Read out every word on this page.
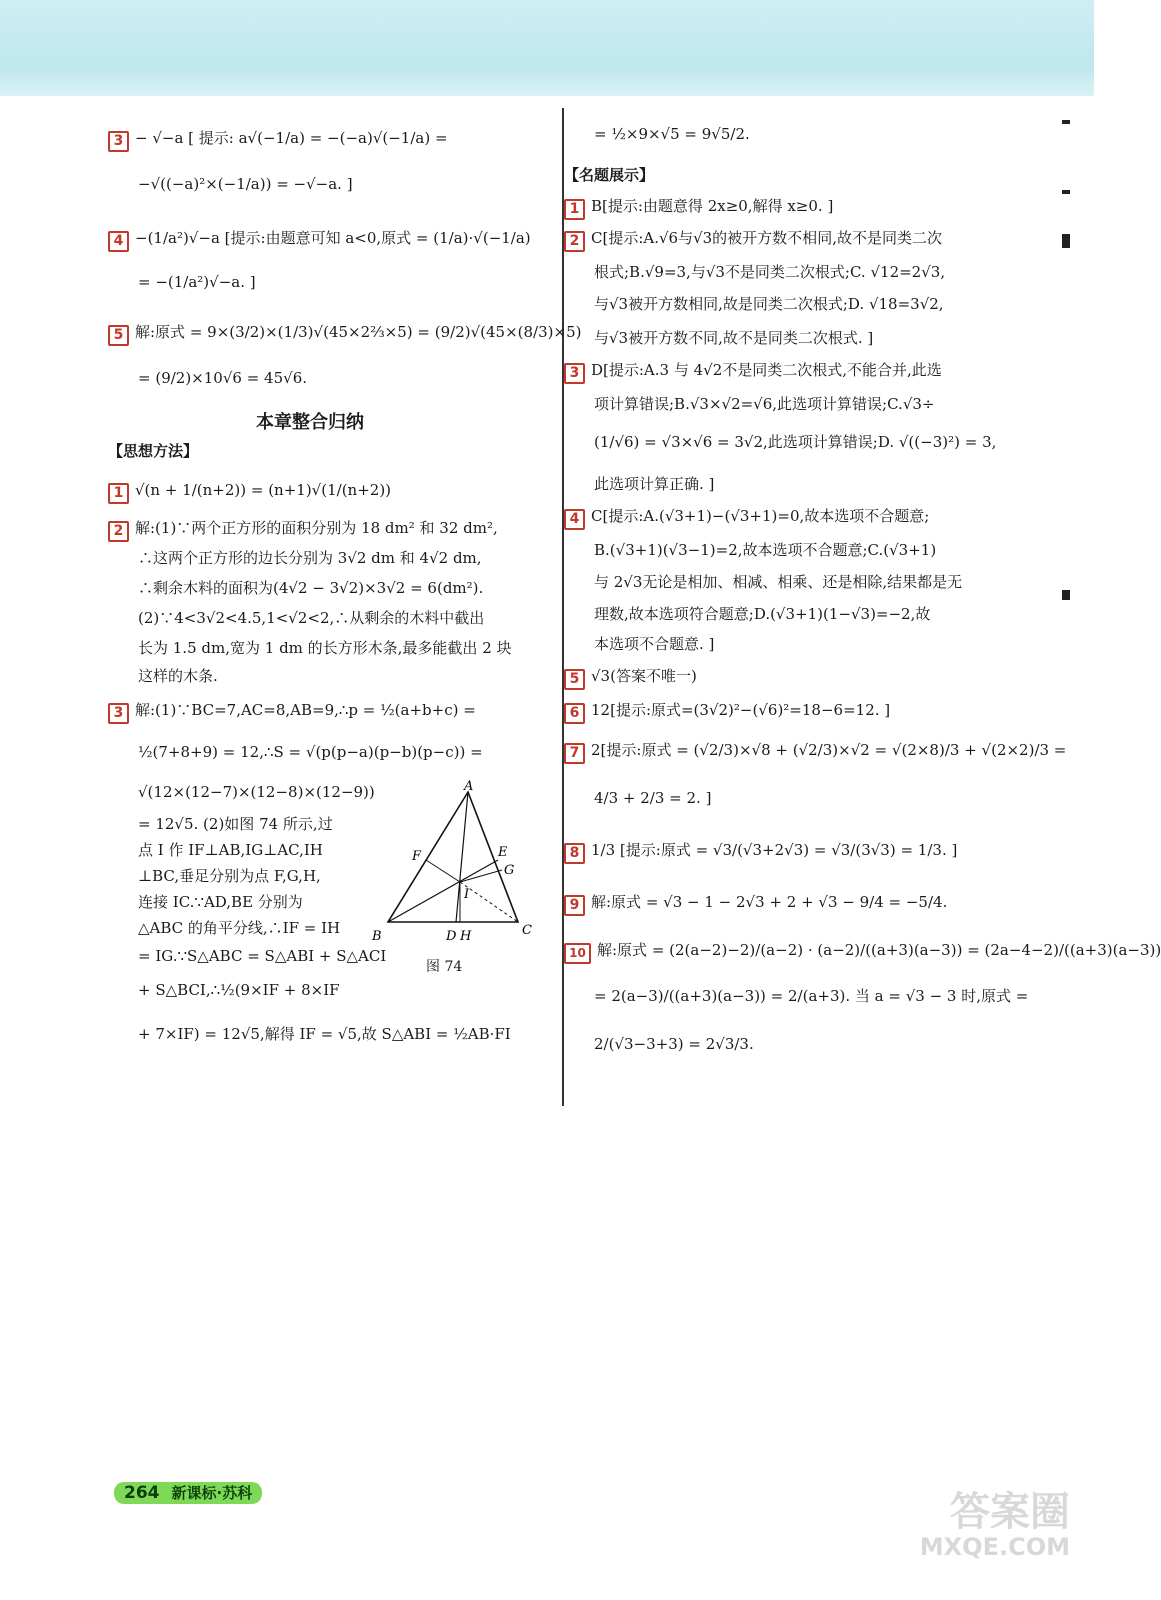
3 − √−a [ 提示: a√(−1/a) = −(−a)√(−1/a) =
−√((−a)²×(−1/a)) = −√−a. ]
4 −(1/a²)√−a [提示:由题意可知 a<0,原式 = (1/a)·√(−1/a)
= −(1/a²)√−a. ]
5 解:原式 = 9×(3/2)×(1/3)√(45×2⅔×5) = (9/2)√(45×(8/3)×5)
= (9/2)×10√6 = 45√6.
本章整合归纳
【思想方法】
1 √(n + 1/(n+2)) = (n+1)√(1/(n+2))
2 解:(1)∵两个正方形的面积分别为 18 dm² 和 32 dm²,
∴这两个正方形的边长分别为 3√2 dm 和 4√2 dm,
∴剩余木料的面积为(4√2 − 3√2)×3√2 = 6(dm²).
(2)∵4<3√2<4.5,1<√2<2,∴从剩余的木料中截出
长为 1.5 dm,宽为 1 dm 的长方形木条,最多能截出 2 块
这样的木条.
3 解:(1)∵BC=7,AC=8,AB=9,∴p = ½(a+b+c) =
½(7+8+9) = 12,∴S = √(p(p−a)(p−b)(p−c)) =
√(12×(12−7)×(12−8)×(12−9))
= 12√5. (2)如图 74 所示,过
点 I 作 IF⊥AB,IG⊥AC,IH
⊥BC,垂足分别为点 F,G,H,
连接 IC.∵AD,BE 分别为
△ABC 的角平分线,∴IF = IH
= IG.∵S△ABC = S△ABI + S△ACI
+ S△BCI,∴½(9×IF + 8×IF
+ 7×IF) = 12√5,解得 IF = √5,故 S△ABI = ½AB·FI
A
B	C
D H
F	E
G
I
图 74
= ½×9×√5 = 9√5/2.
【名题展示】
1 B[提示:由题意得 2x≥0,解得 x≥0. ]
2 C[提示:A.√6与√3的被开方数不相同,故不是同类二次
根式;B.√9=3,与√3不是同类二次根式;C. √12=2√3,
与√3被开方数相同,故是同类二次根式;D. √18=3√2,
与√3被开方数不同,故不是同类二次根式. ]
3 D[提示:A.3 与 4√2不是同类二次根式,不能合并,此选
项计算错误;B.√3×√2=√6,此选项计算错误;C.√3÷
(1/√6) = √3×√6 = 3√2,此选项计算错误;D. √((−3)²) = 3,
此选项计算正确. ]
4 C[提示:A.(√3+1)−(√3+1)=0,故本选项不合题意;
B.(√3+1)(√3−1)=2,故本选项不合题意;C.(√3+1)
与 2√3无论是相加、相减、相乘、还是相除,结果都是无
理数,故本选项符合题意;D.(√3+1)(1−√3)=−2,故
本选项不合题意. ]
5 √3(答案不唯一)
6 12[提示:原式=(3√2)²−(√6)²=18−6=12. ]
7 2[提示:原式 = (√2/3)×√8 + (√2/3)×√2 = √(2×8)/3 + √(2×2)/3 =
4/3 + 2/3 = 2. ]
8 1/3 [提示:原式 = √3/(√3+2√3) = √3/(3√3) = 1/3. ]
9 解:原式 = √3 − 1 − 2√3 + 2 + √3 − 9/4 = −5/4.
10 解:原式 = (2(a−2)−2)/(a−2) · (a−2)/((a+3)(a−3)) = (2a−4−2)/((a+3)(a−3))
= 2(a−3)/((a+3)(a−3)) = 2/(a+3). 当 a = √3 − 3 时,原式 =
2/(√3−3+3) = 2√3/3.
264 新课标·苏科	答案圈
MXQE.COM
